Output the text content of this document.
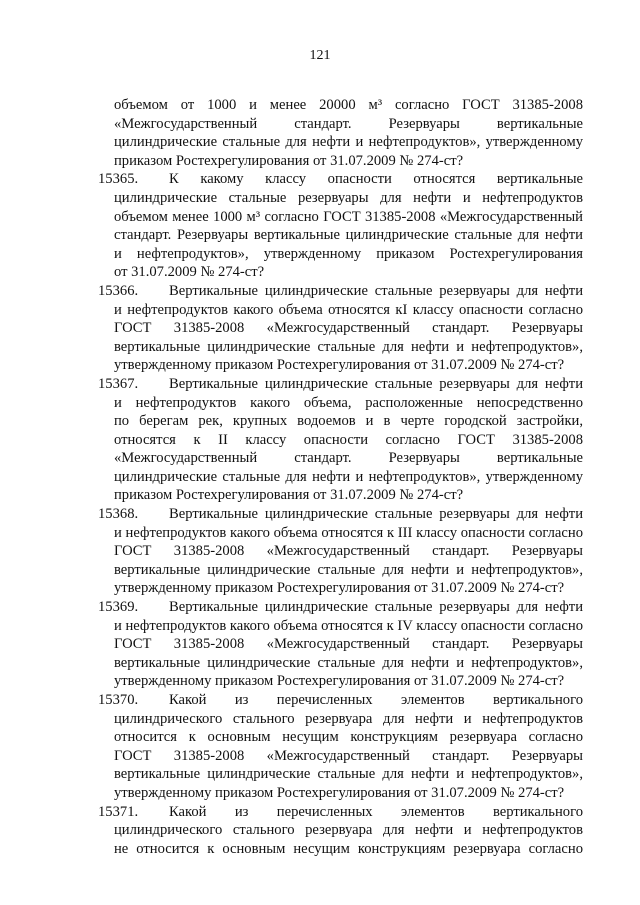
121
объемом от 1000 и менее 20000 м³ согласно ГОСТ 31385-2008
«Межгосударственный стандарт. Резервуары вертикальные
цилиндрические стальные для нефти и нефтепродуктов», утвержденному
приказом Ростехрегулирования от 31.07.2009 № 274-ст?
15365.	К какому классу опасности относятся вертикальные
цилиндрические стальные резервуары для нефти и нефтепродуктов
объемом менее 1000 м³ согласно ГОСТ 31385-2008 «Межгосударственный
стандарт. Резервуары вертикальные цилиндрические стальные для нефти
и нефтепродуктов», утвержденному приказом Ростехрегулирования
от 31.07.2009 № 274-ст?
15366.	Вертикальные цилиндрические стальные резервуары для нефти
и нефтепродуктов какого объема относятся кI классу опасности согласно
ГОСТ 31385-2008 «Межгосударственный стандарт. Резервуары
вертикальные цилиндрические стальные для нефти и нефтепродуктов»,
утвержденному приказом Ростехрегулирования от 31.07.2009 № 274-ст?
15367.	Вертикальные цилиндрические стальные резервуары для нефти
и нефтепродуктов какого объема, расположенные непосредственно
по берегам рек, крупных водоемов и в черте городской застройки,
относятся к II классу опасности согласно ГОСТ 31385-2008
«Межгосударственный стандарт. Резервуары вертикальные
цилиндрические стальные для нефти и нефтепродуктов», утвержденному
приказом Ростехрегулирования от 31.07.2009 № 274-ст?
15368.	Вертикальные цилиндрические стальные резервуары для нефти
и нефтепродуктов какого объема относятся к III классу опасности согласно
ГОСТ 31385-2008 «Межгосударственный стандарт. Резервуары
вертикальные цилиндрические стальные для нефти и нефтепродуктов»,
утвержденному приказом Ростехрегулирования от 31.07.2009 № 274-ст?
15369.	Вертикальные цилиндрические стальные резервуары для нефти
и нефтепродуктов какого объема относятся к IV классу опасности согласно
ГОСТ 31385-2008 «Межгосударственный стандарт. Резервуары
вертикальные цилиндрические стальные для нефти и нефтепродуктов»,
утвержденному приказом Ростехрегулирования от 31.07.2009 № 274-ст?
15370.	Какой из перечисленных элементов вертикального
цилиндрического стального резервуара для нефти и нефтепродуктов
относится к основным несущим конструкциям резервуара согласно
ГОСТ 31385-2008 «Межгосударственный стандарт. Резервуары
вертикальные цилиндрические стальные для нефти и нефтепродуктов»,
утвержденному приказом Ростехрегулирования от 31.07.2009 № 274-ст?
15371.	Какой из перечисленных элементов вертикального
цилиндрического стального резервуара для нефти и нефтепродуктов
не относится к основным несущим конструкциям резервуара согласно
